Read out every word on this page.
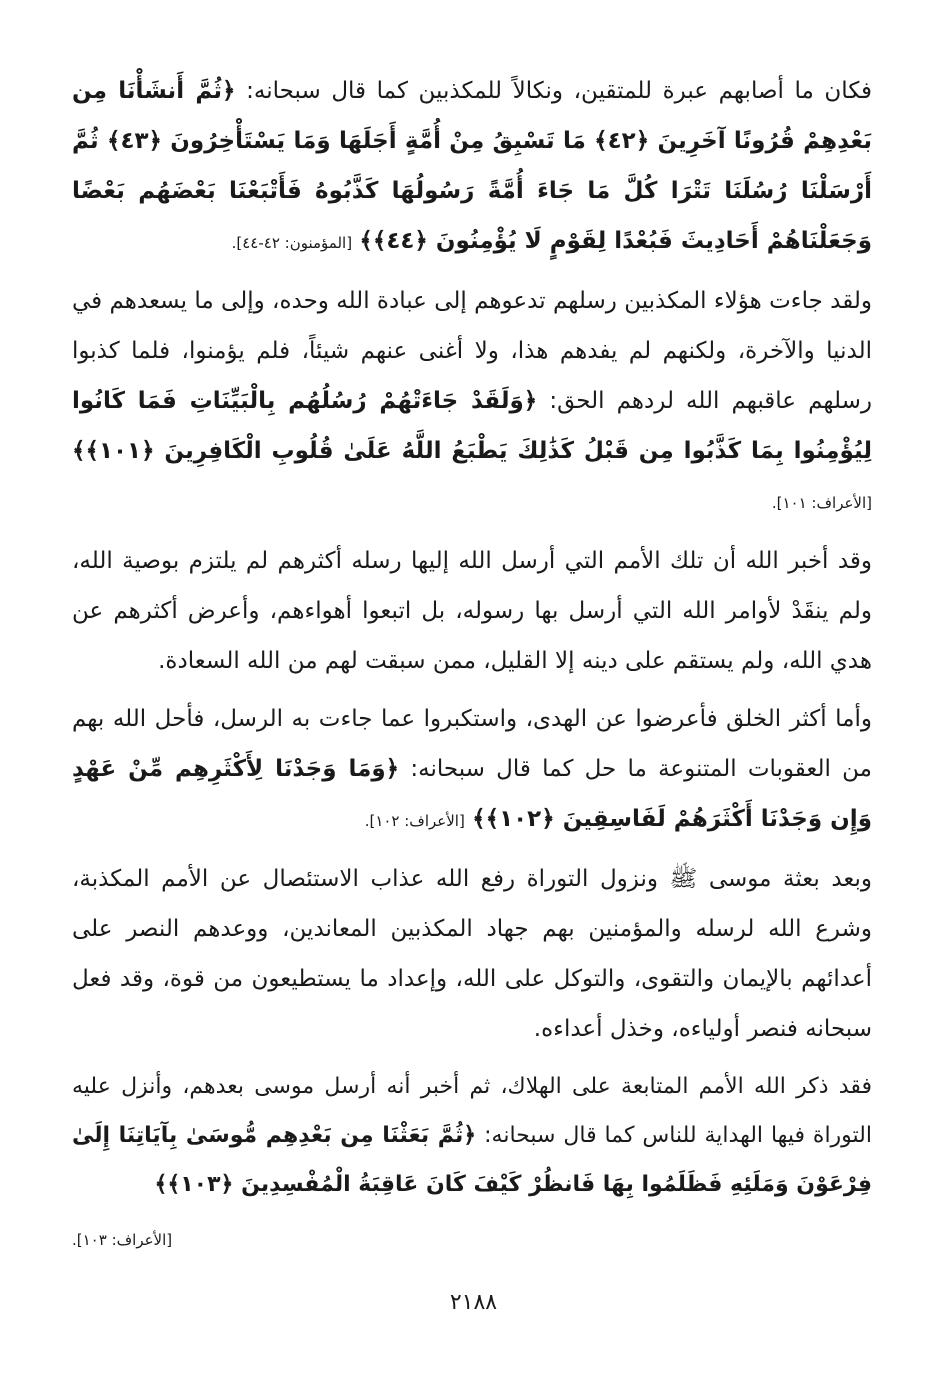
فكان ما أصابهم عبرة للمتقين، ونكالاً للمكذبين كما قال سبحانه: ﴿ثُمَّ أَنشَأْنَا مِن بَعْدِهِمْ قُرُونًا آخَرِينَ ﴿٤٢﴾ مَا تَسْبِقُ مِنْ أُمَّةٍ أَجَلَهَا وَمَا يَسْتَأْخِرُونَ ﴿٤٣﴾ ثُمَّ أَرْسَلْنَا رُسُلَنَا تَتْرَا كُلَّ مَا جَاءَ أُمَّةً رَسُولُهَا كَذَّبُوهُ فَأَتْبَعْنَا بَعْضَهُم بَعْضًا وَجَعَلْنَاهُمْ أَحَادِيثَ فَبُعْدًا لِقَوْمٍ لَا يُؤْمِنُونَ ﴿٤٤﴾﴾ [المؤمنون: ٤٢-٤٤].

ولقد جاءت هؤلاء المكذبين رسلهم تدعوهم إلى عبادة الله وحده، وإلى ما يسعدهم في الدنيا والآخرة، ولكنهم لم يفدهم هذا، ولا أغنى عنهم شيئاً، فلم يؤمنوا، فلما كذبوا رسلهم عاقبهم الله لردهم الحق: ﴿وَلَقَدْ جَاءَتْهُمْ رُسُلُهُم بِالْبَيِّنَاتِ فَمَا كَانُوا لِيُؤْمِنُوا بِمَا كَذَّبُوا مِن قَبْلُ كَذَٰلِكَ يَطْبَعُ اللَّهُ عَلَىٰ قُلُوبِ الْكَافِرِينَ ﴿١٠١﴾﴾ [الأعراف: ١٠١].

وقد أخبر الله أن تلك الأمم التي أرسل الله إليها رسله أكثرهم لم يلتزم بوصية الله، ولم ينقَدْ لأوامر الله التي أرسل بها رسوله، بل اتبعوا أهواءهم، وأعرض أكثرهم عن هدي الله، ولم يستقم على دينه إلا القليل، ممن سبقت لهم من الله السعادة.

وأما أكثر الخلق فأعرضوا عن الهدى، واستكبروا عما جاءت به الرسل، فأحل الله بهم من العقوبات المتنوعة ما حل كما قال سبحانه: ﴿وَمَا وَجَدْنَا لِأَكْثَرِهِم مِّنْ عَهْدٍ وَإِن وَجَدْنَا أَكْثَرَهُمْ لَفَاسِقِينَ ﴿١٠٢﴾﴾ [الأعراف: ١٠٢].

وبعد بعثة موسى ﷺ ونزول التوراة رفع الله عذاب الاستئصال عن الأمم المكذبة، وشرع الله لرسله والمؤمنين بهم جهاد المكذبين المعاندين، ووعدهم النصر على أعدائهم بالإيمان والتقوى، والتوكل على الله، وإعداد ما يستطيعون من قوة، وقد فعل سبحانه فنصر أولياءه، وخذل أعداءه.

فقد ذكر الله الأمم المتابعة على الهلاك، ثم أخبر أنه أرسل موسى بعدهم، وأنزل عليه التوراة فيها الهداية للناس كما قال سبحانه: ﴿ثُمَّ بَعَثْنَا مِن بَعْدِهِم مُّوسَىٰ بِآيَاتِنَا إِلَىٰ فِرْعَوْنَ وَمَلَئِهِ فَظَلَمُوا بِهَا فَانظُرْ كَيْفَ كَانَ عَاقِبَةُ الْمُفْسِدِينَ ﴿١٠٣﴾﴾

[الأعراف: ١٠٣].
٢١٨٨
